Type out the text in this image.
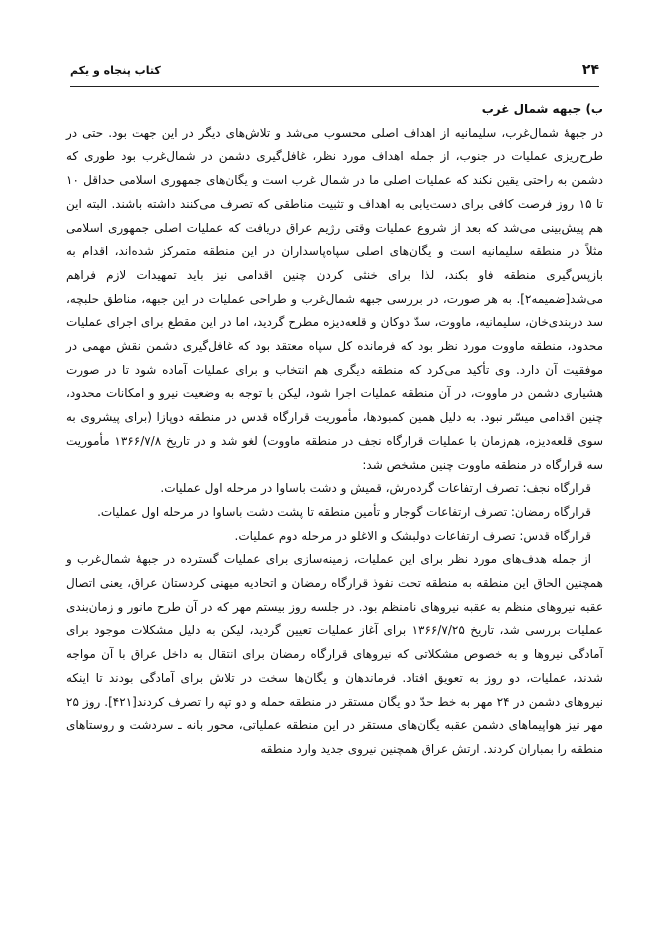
۲۴
کتاب پنجاه و یکم

ب) جبهه شمال غرب

در جبههٔ شمال‌غرب، سلیمانیه از اهداف اصلی محسوب می‌شد و تلاش‌های دیگر در این جهت بود. حتی در طرح‌ریزی عملیات در جنوب، از جمله اهداف مورد نظر، غافل‌گیری دشمن در شمال‌غرب بود طوری که دشمن به راحتی یقین نکند که عملیات اصلی ما در شمال غرب است و یگان‌های جمهوری اسلامی حداقل ۱۰ تا ۱۵ روز فرصت کافی برای دست‌یابی به اهداف و تثبیت مناطقی که تصرف می‌کنند داشته باشند. البته این هم پیش‌بینی می‌شد که بعد از شروع عملیات وقتی رژیم عراق دریافت که عملیات اصلی جمهوری اسلامی مثلاً در منطقه سلیمانیه است و یگان‌های اصلی سپاه‌پاسداران در این منطقه متمرکز شده‌اند، اقدام به بازپس‌گیری منطقه فاو بکند، لذا برای خنثی کردن چنین اقدامی نیز باید تمهیدات لازم فراهم می‌شد[ضمیمه۲]. به هر صورت، در بررسی جبهه شمال‌غرب و طراحی عملیات در این جبهه، مناطق حلبچه، سد دربندی‌خان، سلیمانیه، ماووت، سدّ دوکان و قلعه‌دیزه مطرح گردید، اما در این مقطع برای اجرای عملیات محدود، منطقه ماووت مورد نظر بود که فرمانده کل سپاه معتقد بود که غافل‌گیری دشمن نقش مهمی در موفقیت آن دارد. وی تأکید می‌کرد که منطقه دیگری هم انتخاب و برای عملیات آماده شود تا در صورت هشیاری دشمن در ماووت، در آن منطقه عملیات اجرا شود، لیکن با توجه به وضعیت نیرو و امکانات محدود، چنین اقدامی میسّر نبود. به دلیل همین کمبودها، مأموریت قرارگاه قدس در منطقه دوپازا (برای پیشروی به سوی قلعه‌دیزه، هم‌زمان با عملیات قرارگاه نجف در منطقه ماووت) لغو شد و در تاریخ ۱۳۶۶/۷/۸ مأموریت سه قرارگاه در منطقه ماووت چنین مشخص شد:

قرارگاه نجف: تصرف ارتفاعات گرده‌رش، قمیش و دشت باساوا در مرحله اول عملیات.

قرارگاه رمضان: تصرف ارتفاعات گوجار و تأمین منطقه تا پشت دشت باساوا در مرحله اول عملیات.

قرارگاه قدس: تصرف ارتفاعات دولبشک و الاغلو در مرحله دوم عملیات.

از جمله هدف‌های مورد نظر برای این عملیات، زمینه‌سازی برای عملیات گسترده در جبههٔ شمال‌غرب و همچنین الحاق این منطقه به منطقه تحت نفوذ قرارگاه رمضان و اتحادیه میهنی کردستان عراق، یعنی اتصال عقبه نیروهای منظم به عقبه نیروهای نامنظم بود. در جلسه روز بیستم مهر که در آن طرح مانور و زمان‌بندی عملیات بررسی شد، تاریخ ۱۳۶۶/۷/۲۵ برای آغاز عملیات تعیین گردید، لیکن به دلیل مشکلات موجود برای آمادگی نیروها و به خصوص مشکلاتی که نیروهای قرارگاه رمضان برای انتقال به داخل عراق با آن مواجه شدند، عملیات، دو روز به تعویق افتاد. فرماندهان و یگان‌ها سخت در تلاش برای آمادگی بودند تا اینکه نیروهای دشمن در ۲۴ مهر به خط حدّ دو یگان مستقر در منطقه حمله و دو تپه را تصرف کردند[۴۲۱]. روز ۲۵ مهر نیز هواپیماهای دشمن عقبه یگان‌های مستقر در این منطقه عملیاتی، محور بانه ـ سردشت و روستاهای منطقه را بمباران کردند. ارتش عراق همچنین نیروی جدید وارد منطقه
